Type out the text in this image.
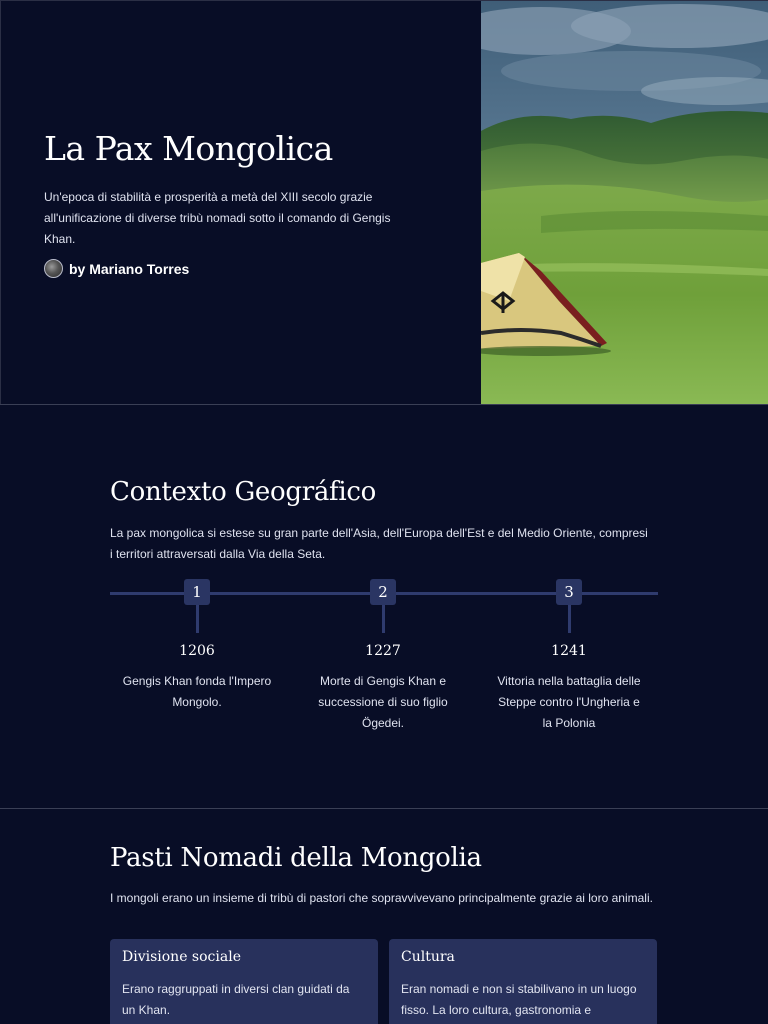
La Pax Mongolica

Un'epoca di stabilità e prosperità a metà del XIII secolo grazie all'unificazione di diverse tribù nomadi sotto il comando di Gengis Khan.

by Mariano Torres
Contexto Geográfico

La pax mongolica si estese su gran parte dell'Asia, dell'Europa dell'Est e del Medio Oriente, compresi i territori attraversati dalla Via della Seta.

1
1206
Gengis Khan fonda l'Impero Mongolo.
2
1227
Morte di Gengis Khan e successione di suo figlio Ögedei.
3
1241
Vittoria nella battaglia delle Steppe contro l'Ungheria e la Polonia
Pasti Nomadi della Mongolia

I mongoli erano un insieme di tribù di pastori che sopravvivevano principalmente grazie ai loro animali.

Divisione sociale
Erano raggruppati in diversi clan guidati da un Khan.
Cultura
Eran nomadi e non si stabilivano in un luogo fisso. La loro cultura, gastronomia e
